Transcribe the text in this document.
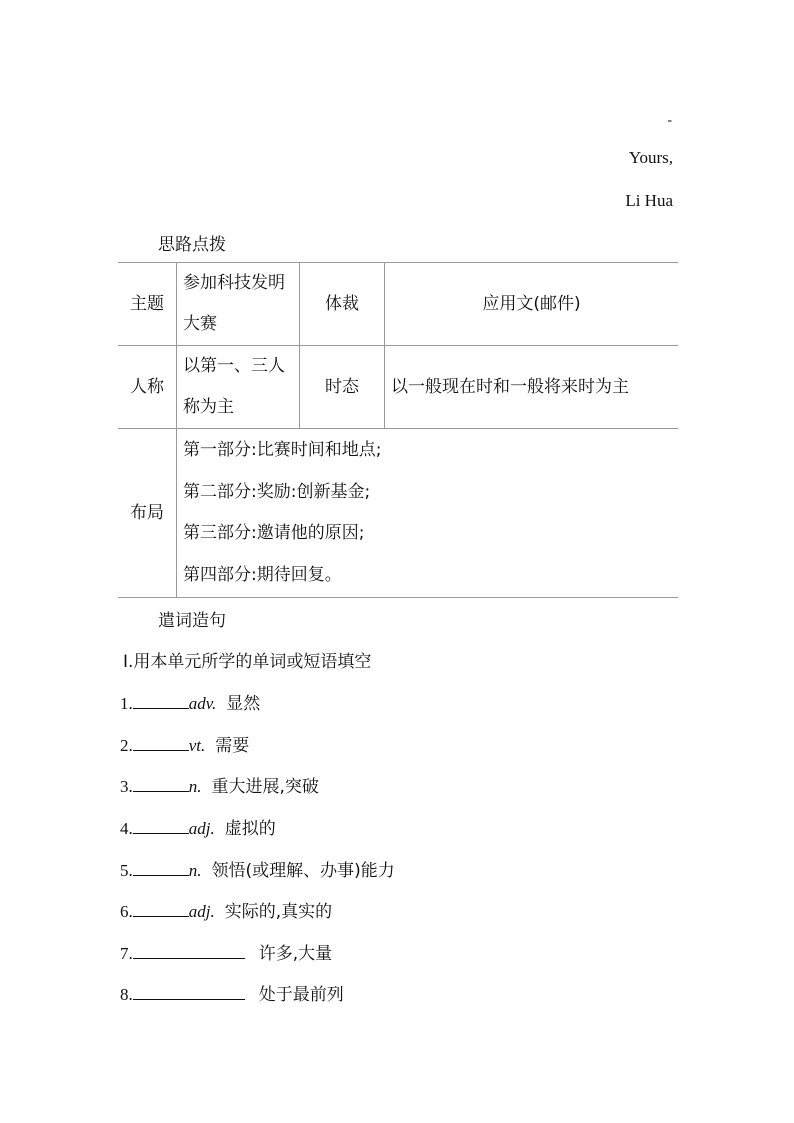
-
Yours,
Li Hua
思路点拨
主题	参加科技发明大赛	体裁	应用文(邮件)
人称	以第一、三人称为主	时态	以一般现在时和一般将来时为主
布局	第一部分:比赛时间和地点;
第二部分:奖励:创新基金;
第三部分:邀请他的原因;
第四部分:期待回复。		
遣词造句
Ⅰ.用本单元所学的单词或短语填空
1.	adv. 显然
2.	vt. 需要
3.	n. 重大进展,突破
4.	adj. 虚拟的
5.	n. 领悟(或理解、办事)能力
6.	adj. 实际的,真实的
7.	许多,大量
8.	处于最前列
